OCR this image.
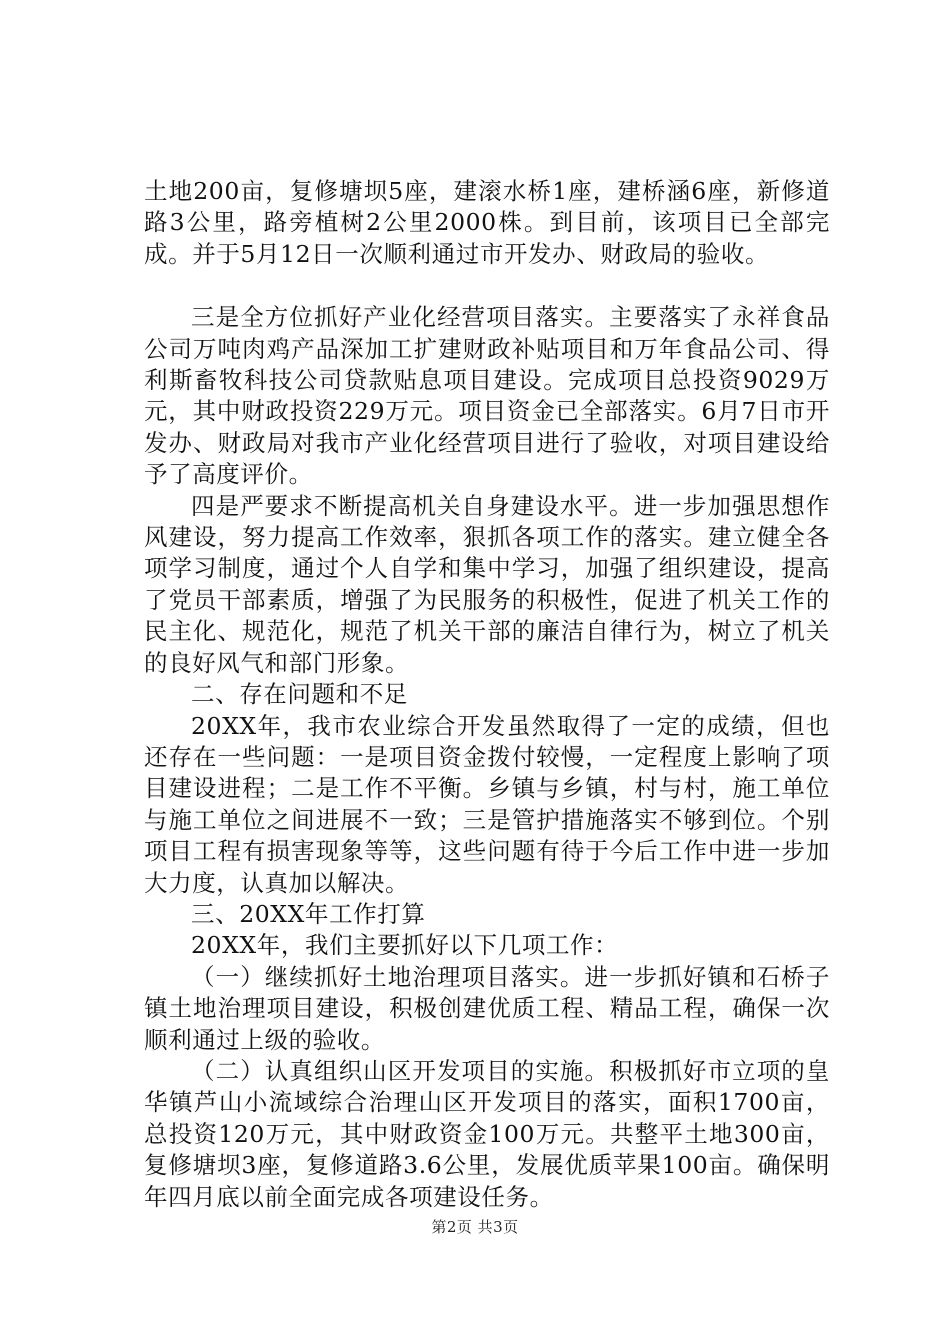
土地200亩，复修塘坝5座，建滚水桥1座，建桥涵6座，新修道路3公里，路旁植树2公里2000株。到目前，该项目已全部完成。并于5月12日一次顺利通过市开发办、财政局的验收。

三是全方位抓好产业化经营项目落实。主要落实了永祥食品公司万吨肉鸡产品深加工扩建财政补贴项目和万年食品公司、得利斯畜牧科技公司贷款贴息项目建设。完成项目总投资9029万元，其中财政投资229万元。项目资金已全部落实。6月7日市开发办、财政局对我市产业化经营项目进行了验收，对项目建设给予了高度评价。

四是严要求不断提高机关自身建设水平。进一步加强思想作风建设，努力提高工作效率，狠抓各项工作的落实。建立健全各项学习制度，通过个人自学和集中学习，加强了组织建设，提高了党员干部素质，增强了为民服务的积极性，促进了机关工作的民主化、规范化，规范了机关干部的廉洁自律行为，树立了机关的良好风气和部门形象。

二、存在问题和不足

20XX年，我市农业综合开发虽然取得了一定的成绩，但也还存在一些问题：一是项目资金拨付较慢，一定程度上影响了项目建设进程；二是工作不平衡。乡镇与乡镇，村与村，施工单位与施工单位之间进展不一致；三是管护措施落实不够到位。个别项目工程有损害现象等等，这些问题有待于今后工作中进一步加大力度，认真加以解决。

三、20XX年工作打算

20XX年，我们主要抓好以下几项工作：

（一）继续抓好土地治理项目落实。进一步抓好镇和石桥子镇土地治理项目建设，积极创建优质工程、精品工程，确保一次顺利通过上级的验收。

（二）认真组织山区开发项目的实施。积极抓好市立项的皇华镇芦山小流域综合治理山区开发项目的落实，面积1700亩，总投资120万元，其中财政资金100万元。共整平土地300亩，复修塘坝3座，复修道路3.6公里，发展优质苹果100亩。确保明年四月底以前全面完成各项建设任务。

第2页 共3页
